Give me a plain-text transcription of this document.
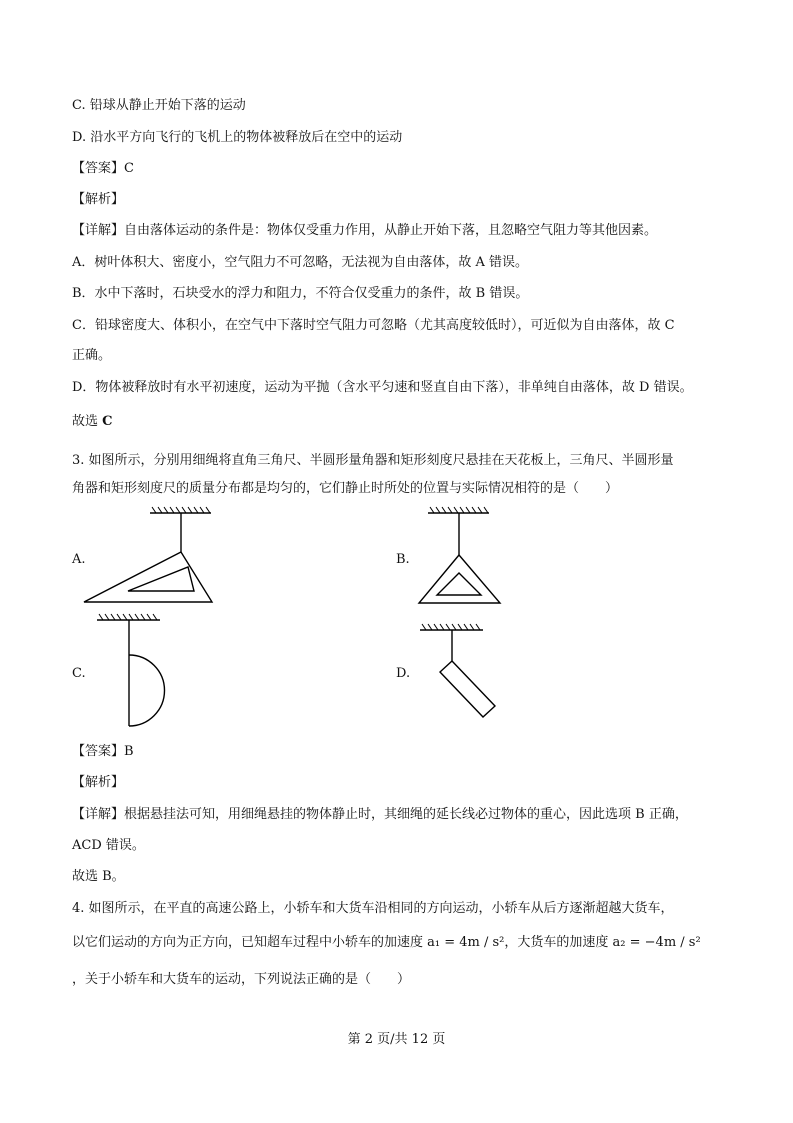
C. 铅球从静止开始下落的运动
D. 沿水平方向飞行的飞机上的物体被释放后在空中的运动
【答案】C
【解析】
【详解】自由落体运动的条件是：物体仅受重力作用，从静止开始下落，且忽略空气阻力等其他因素。
A．树叶体积大、密度小，空气阻力不可忽略，无法视为自由落体，故 A 错误。
B．水中下落时，石块受水的浮力和阻力，不符合仅受重力的条件，故 B 错误。
C．铅球密度大、体积小，在空气中下落时空气阻力可忽略（尤其高度较低时），可近似为自由落体，故 C
正确。
D．物体被释放时有水平初速度，运动为平抛（含水平匀速和竖直自由下落），非单纯自由落体，故 D 错误。
故选 C
3. 如图所示，分别用细绳将直角三角尺、半圆形量角器和矩形刻度尺悬挂在天花板上，三角尺、半圆形量
角器和矩形刻度尺的质量分布都是均匀的，它们静止时所处的位置与实际情况相符的是（　　）
A.	B.
C.	D.
【答案】B
【解析】
【详解】根据悬挂法可知，用细绳悬挂的物体静止时，其细绳的延长线必过物体的重心，因此选项 B 正确，
ACD 错误。
故选 B。
4. 如图所示，在平直的高速公路上，小轿车和大货车沿相同的方向运动，小轿车从后方逐渐超越大货车，
以它们运动的方向为正方向，已知超车过程中小轿车的加速度 a₁ = 4m / s²，大货车的加速度 a₂ = −4m / s²
，关于小轿车和大货车的运动，下列说法正确的是（　　）
第 2 页/共 12 页
